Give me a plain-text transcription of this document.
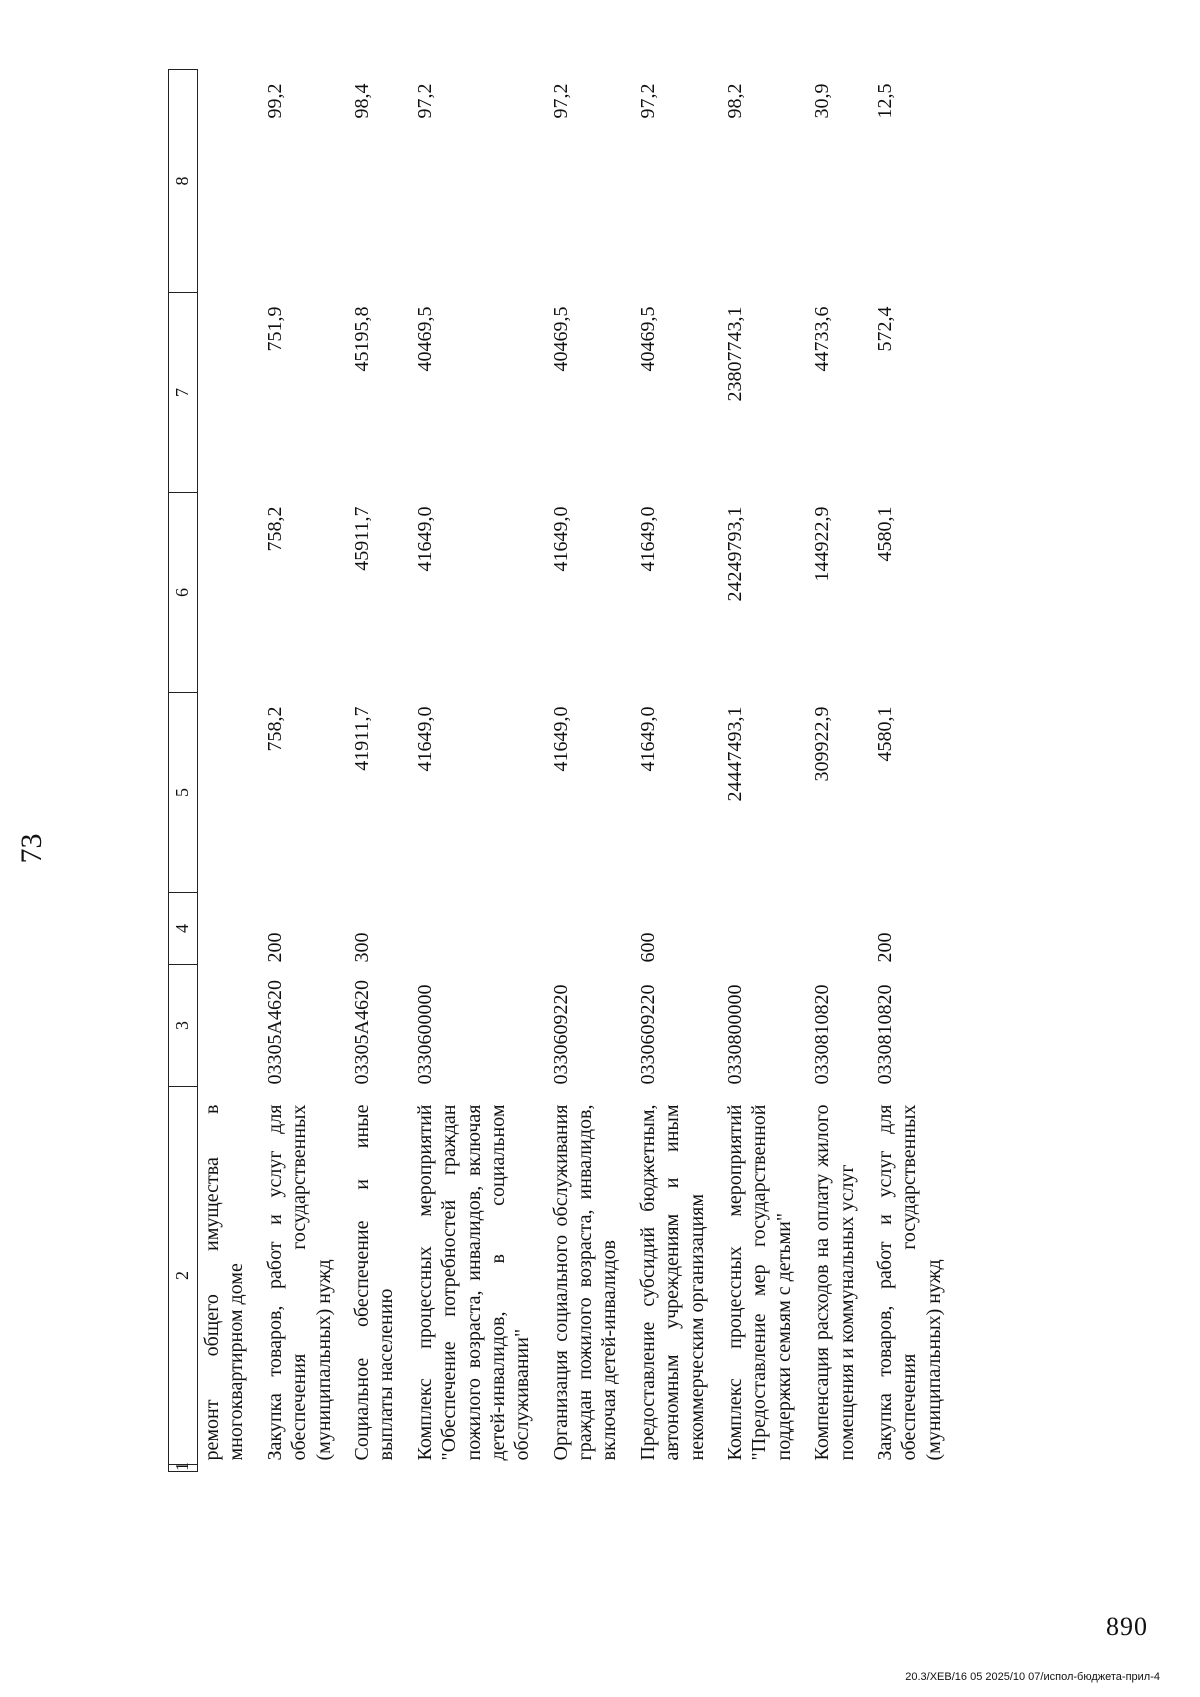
73
1	2	3	4	5	6	7	8
	ремонт общего имущества в многоквартирном доме						
	Закупка товаров, работ и услуг для обеспечения государственных (муниципальных) нужд	03305A4620	200	758,2	758,2	751,9	99,2
	Социальное обеспечение и иные выплаты населению	03305A4620	300	41911,7	45911,7	45195,8	98,4
	Комплекс процессных мероприятий "Обеспечение потребностей граждан пожилого возраста, инвалидов, включая детей-инвалидов, в социальном обслуживании"	0330600000		41649,0	41649,0	40469,5	97,2
	Организация социального обслуживания граждан пожилого возраста, инвалидов, включая детей-инвалидов	0330609220		41649,0	41649,0	40469,5	97,2
	Предоставление субсидий бюджетным, автономным учреждениям и иным некоммерческим организациям	0330609220	600	41649,0	41649,0	40469,5	97,2
	Комплекс процессных мероприятий "Предоставление мер государственной поддержки семьям с детьми"	0330800000		24447493,1	24249793,1	23807743,1	98,2
	Компенсация расходов на оплату жилого помещения и коммунальных услуг	0330810820		309922,9	144922,9	44733,6	30,9
	Закупка товаров, работ и услуг для обеспечения государственных (муниципальных) нужд	0330810820	200	4580,1	4580,1	572,4	12,5
20.3/ХЕВ/16 05 2025/10 07/испол-бюджета-прил-4
890
